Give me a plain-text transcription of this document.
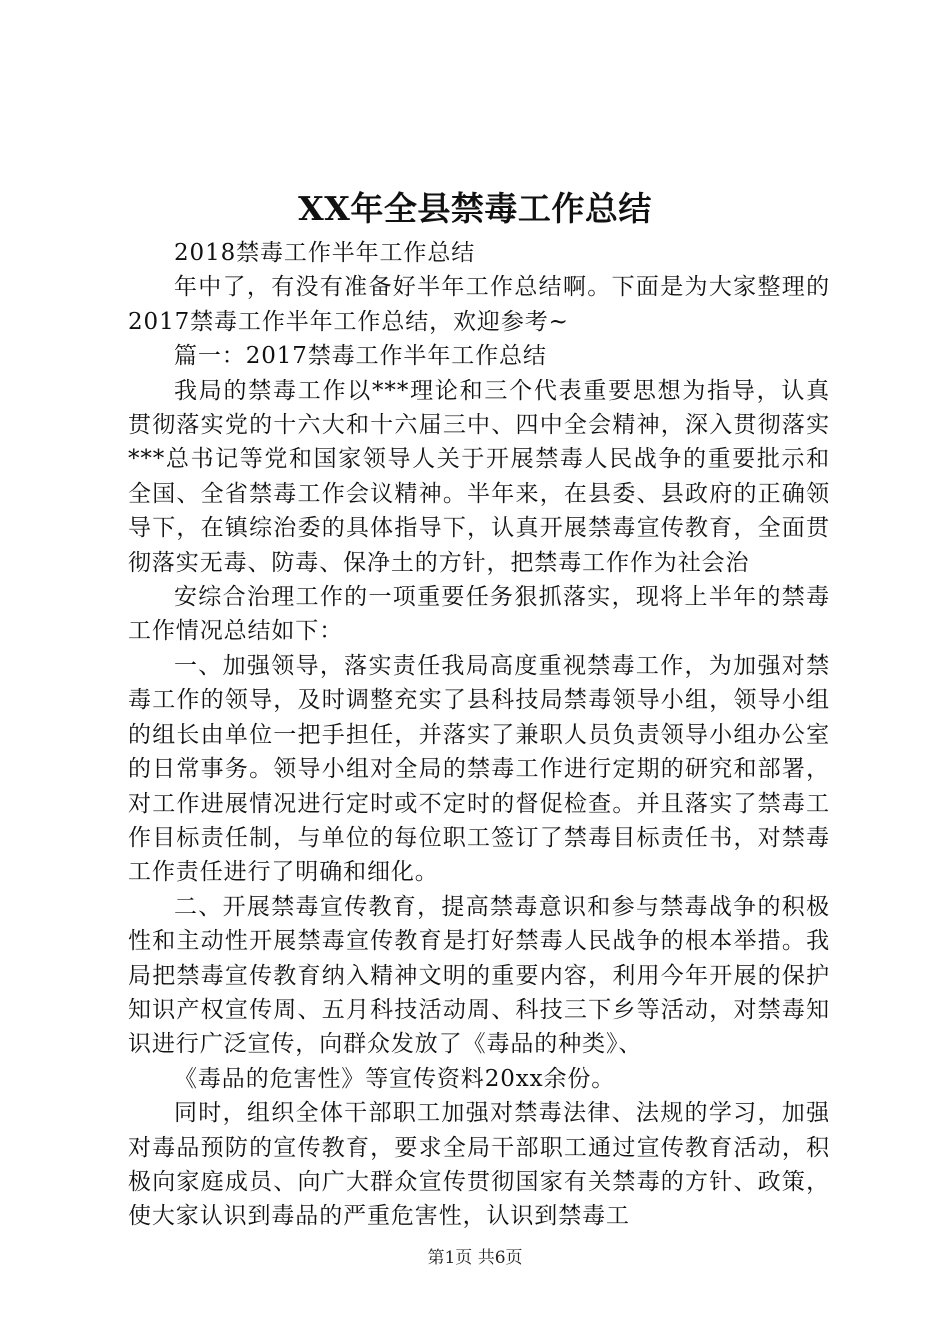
XX年全县禁毒工作总结

2018禁毒工作半年工作总结

年中了，有没有准备好半年工作总结啊。下面是为大家整理的2017禁毒工作半年工作总结，欢迎参考~

篇一：2017禁毒工作半年工作总结

我局的禁毒工作以***理论和三个代表重要思想为指导，认真贯彻落实党的十六大和十六届三中、四中全会精神，深入贯彻落实***总书记等党和国家领导人关于开展禁毒人民战争的重要批示和全国、全省禁毒工作会议精神。半年来，在县委、县政府的正确领导下，在镇综治委的具体指导下，认真开展禁毒宣传教育，全面贯彻落实无毒、防毒、保净土的方针，把禁毒工作作为社会治

安综合治理工作的一项重要任务狠抓落实，现将上半年的禁毒工作情况总结如下：

一、加强领导，落实责任我局高度重视禁毒工作，为加强对禁毒工作的领导，及时调整充实了县科技局禁毒领导小组，领导小组的组长由单位一把手担任，并落实了兼职人员负责领导小组办公室的日常事务。领导小组对全局的禁毒工作进行定期的研究和部署，对工作进展情况进行定时或不定时的督促检查。并且落实了禁毒工作目标责任制，与单位的每位职工签订了禁毒目标责任书，对禁毒工作责任进行了明确和细化。

二、开展禁毒宣传教育，提高禁毒意识和参与禁毒战争的积极性和主动性开展禁毒宣传教育是打好禁毒人民战争的根本举措。我局把禁毒宣传教育纳入精神文明的重要内容，利用今年开展的保护知识产权宣传周、五月科技活动周、科技三下乡等活动，对禁毒知识进行广泛宣传，向群众发放了《毒品的种类》、

《毒品的危害性》等宣传资料20xx余份。

同时，组织全体干部职工加强对禁毒法律、法规的学习，加强对毒品预防的宣传教育，要求全局干部职工通过宣传教育活动，积极向家庭成员、向广大群众宣传贯彻国家有关禁毒的方针、政策，使大家认识到毒品的严重危害性，认识到禁毒工

第1页 共6页
